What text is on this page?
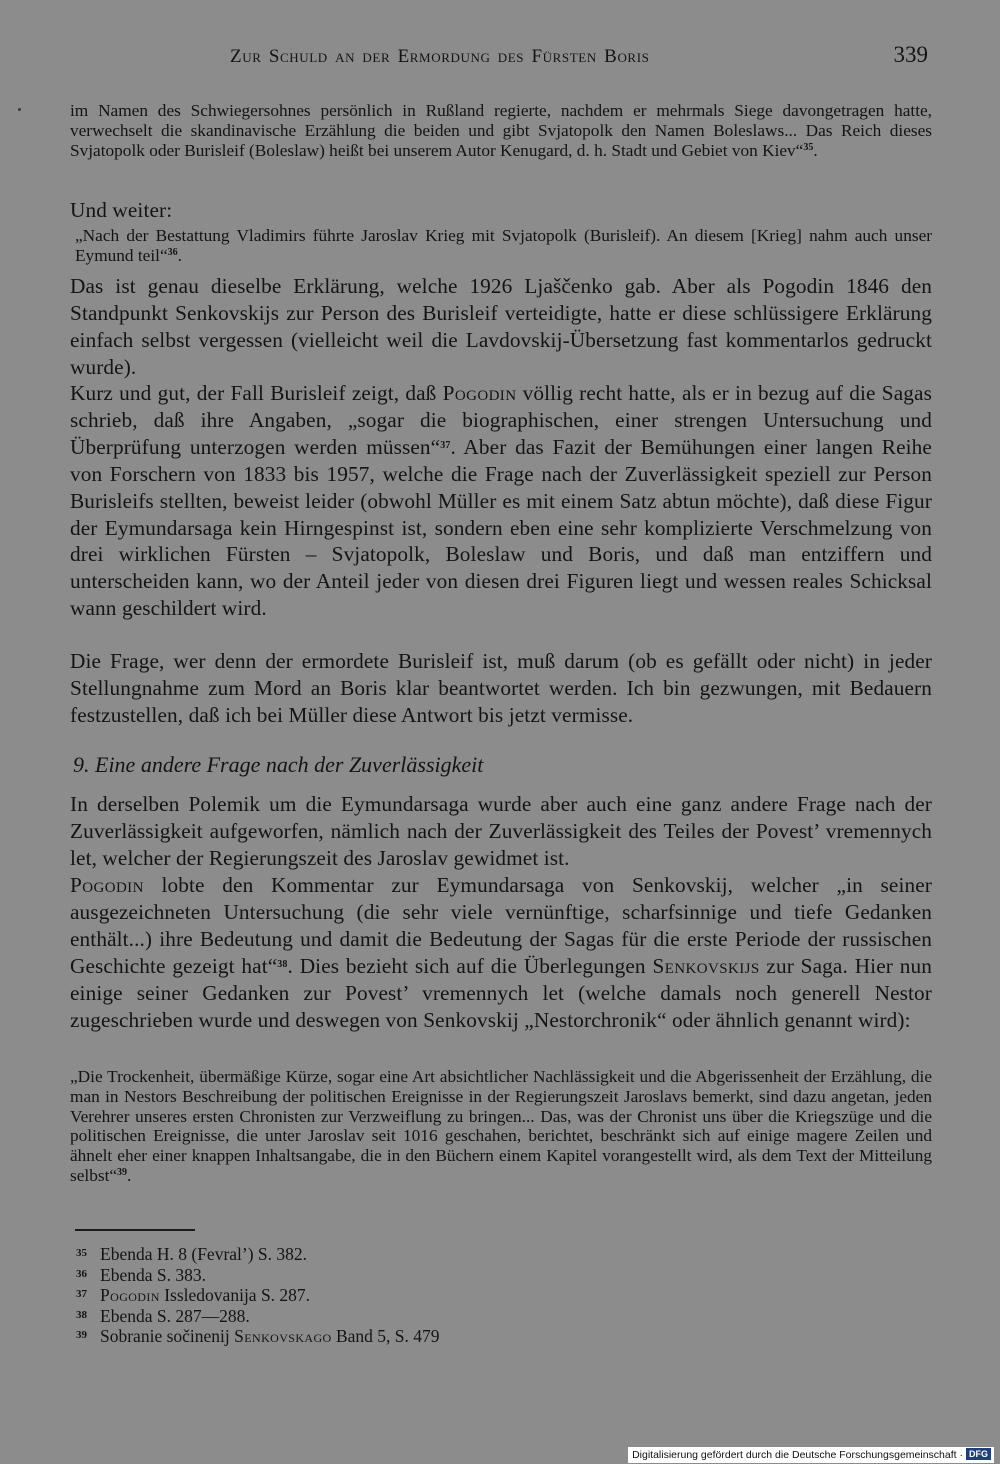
Zur Schuld an der Ermordung des Fürsten Boris	339

im Namen des Schwiegersohnes persönlich in Rußland regierte, nachdem er mehrmals Siege davongetragen hatte, verwechselt die skandinavische Erzählung die beiden und gibt Svjatopolk den Namen Boleslaws... Das Reich dieses Svjatopolk oder Burisleif (Boleslaw) heißt bei unserem Autor Kenugard, d. h. Stadt und Gebiet von Kiev“$^{35}$.

Und weiter:

„Nach der Bestattung Vladimirs führte Jaroslav Krieg mit Svjatopolk (Burisleif). An diesem [Krieg] nahm auch unser Eymund teil“$^{36}$.

Das ist genau dieselbe Erklärung, welche 1926 Ljaščenko gab. Aber als Pogodin 1846 den Standpunkt Senkovskijs zur Person des Burisleif verteidigte, hatte er diese schlüssigere Erklärung einfach selbst vergessen (vielleicht weil die Lavdovskij-Übersetzung fast kommentarlos gedruckt wurde).

Kurz und gut, der Fall Burisleif zeigt, daß Pogodin völlig recht hatte, als er in bezug auf die Sagas schrieb, daß ihre Angaben, „sogar die biographischen, einer strengen Untersuchung und Überprüfung unterzogen werden müssen“$^{37}$. Aber das Fazit der Bemühungen einer langen Reihe von Forschern von 1833 bis 1957, welche die Frage nach der Zuverlässigkeit speziell zur Person Burisleifs stellten, beweist leider (obwohl Müller es mit einem Satz abtun möchte), daß diese Figur der Eymundarsaga kein Hirngespinst ist, sondern eben eine sehr komplizierte Verschmelzung von drei wirklichen Fürsten – Svjatopolk, Boleslaw und Boris, und daß man entziffern und unterscheiden kann, wo der Anteil jeder von diesen drei Figuren liegt und wessen reales Schicksal wann geschildert wird.

Die Frage, wer denn der ermordete Burisleif ist, muß darum (ob es gefällt oder nicht) in jeder Stellungnahme zum Mord an Boris klar beantwortet werden. Ich bin gezwungen, mit Bedauern festzustellen, daß ich bei Müller diese Antwort bis jetzt vermisse.

9. Eine andere Frage nach der Zuverlässigkeit

In derselben Polemik um die Eymundarsaga wurde aber auch eine ganz andere Frage nach der Zuverlässigkeit aufgeworfen, nämlich nach der Zuverlässigkeit des Teiles der Povest’ vremennych let, welcher der Regierungszeit des Jaroslav gewidmet ist.

Pogodin lobte den Kommentar zur Eymundarsaga von Senkovskij, welcher „in seiner ausgezeichneten Untersuchung (die sehr viele vernünftige, scharfsinnige und tiefe Gedanken enthält...) ihre Bedeutung und damit die Bedeutung der Sagas für die erste Periode der russischen Geschichte gezeigt hat“$^{38}$. Dies bezieht sich auf die Überlegungen Senkovskijs zur Saga. Hier nun einige seiner Gedanken zur Povest’ vremennych let (welche damals noch generell Nestor zugeschrieben wurde und deswegen von Senkovskij „Nestorchronik“ oder ähnlich genannt wird):

„Die Trockenheit, übermäßige Kürze, sogar eine Art absichtlicher Nachlässigkeit und die Abgerissenheit der Erzählung, die man in Nestors Beschreibung der politischen Ereignisse in der Regierungszeit Jaroslavs bemerkt, sind dazu angetan, jeden Verehrer unseres ersten Chronisten zur Verzweiflung zu bringen... Das, was der Chronist uns über die Kriegszüge und die politischen Ereignisse, die unter Jaroslav seit 1016 geschahen, berichtet, beschränkt sich auf einige magere Zeilen und ähnelt eher einer knappen Inhaltsangabe, die in den Büchern einem Kapitel vorangestellt wird, als dem Text der Mitteilung selbst“$^{39}$.

35 Ebenda H. 8 (Fevral’) S. 382.
36 Ebenda S. 383.
37 Pogodin Issledovanija S. 287.
38 Ebenda S. 287—288.
39 Sobranie sočinenij Senkovskago Band 5, S. 479
Digitalisierung gefördert durch die Deutsche Forschungsgemeinschaft · DFG
